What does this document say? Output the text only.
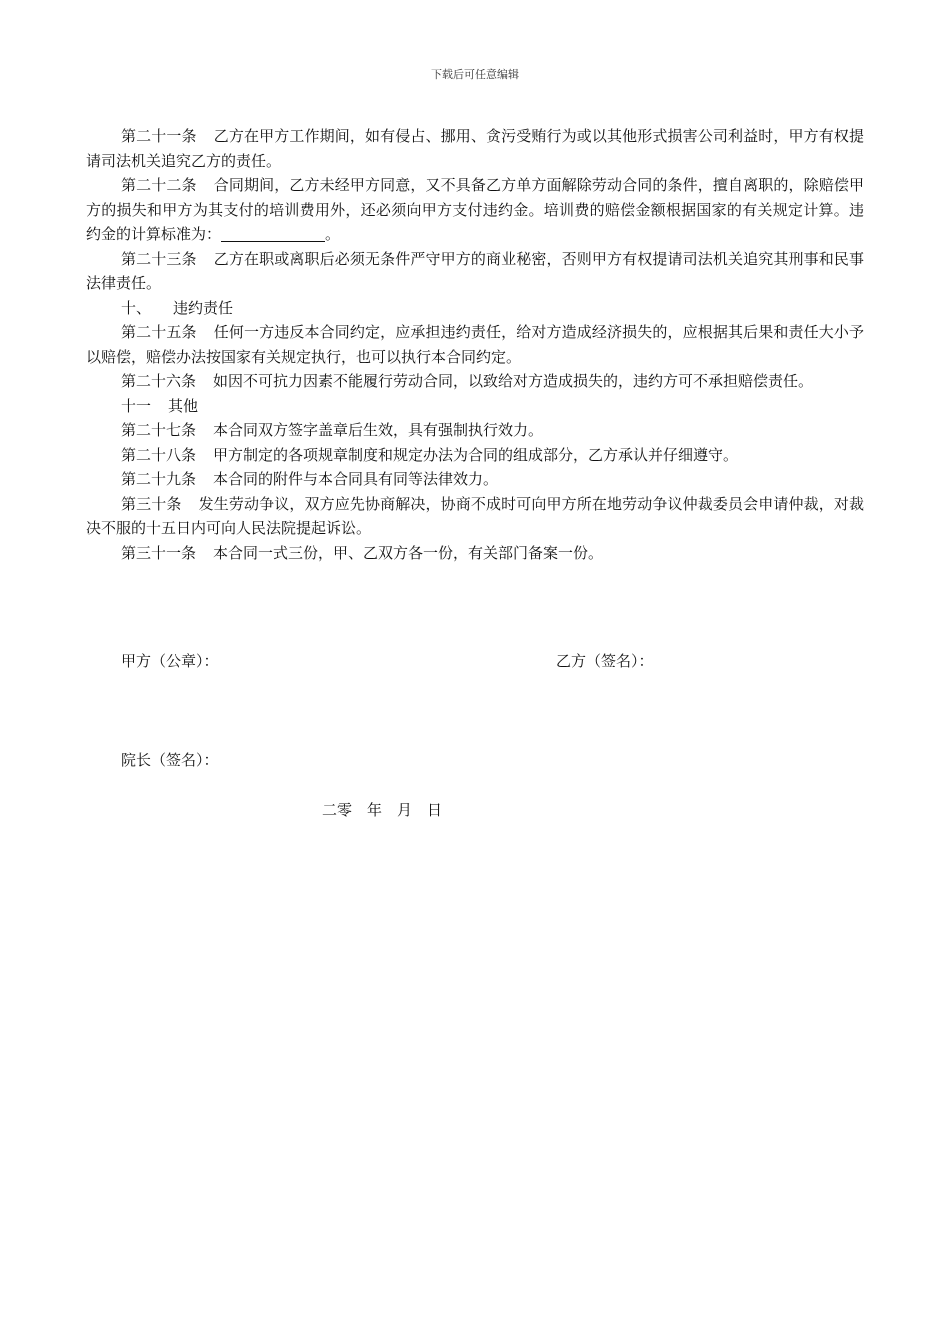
下载后可任意编辑

第二十一条 乙方在甲方工作期间，如有侵占、挪用、贪污受贿行为或以其他形式损害公司利益时，甲方有权提请司法机关追究乙方的责任。

第二十二条 合同期间，乙方未经甲方同意，又不具备乙方单方面解除劳动合同的条件，擅自离职的，除赔偿甲方的损失和甲方为其支付的培训费用外，还必须向甲方支付违约金。培训费的赔偿金额根据国家的有关规定计算。违约金的计算标准为：	。

第二十三条 乙方在职或离职后必须无条件严守甲方的商业秘密，否则甲方有权提请司法机关追究其刑事和民事法律责任。

十、 违约责任

第二十五条 任何一方违反本合同约定，应承担违约责任，给对方造成经济损失的，应根据其后果和责任大小予以赔偿，赔偿办法按国家有关规定执行，也可以执行本合同约定。

第二十六条 如因不可抗力因素不能履行劳动合同，以致给对方造成损失的，违约方可不承担赔偿责任。

十一 其他

第二十七条 本合同双方签字盖章后生效，具有强制执行效力。

第二十八条 甲方制定的各项规章制度和规定办法为合同的组成部分，乙方承认并仔细遵守。

第二十九条 本合同的附件与本合同具有同等法律效力。

第三十条 发生劳动争议，双方应先协商解决，协商不成时可向甲方所在地劳动争议仲裁委员会申请仲裁，对裁决不服的十五日内可向人民法院提起诉讼。

第三十一条 本合同一式三份，甲、乙双方各一份，有关部门备案一份。

甲方（公章）：	乙方（签名）：
院长（签名）：
二零　年　月　日
